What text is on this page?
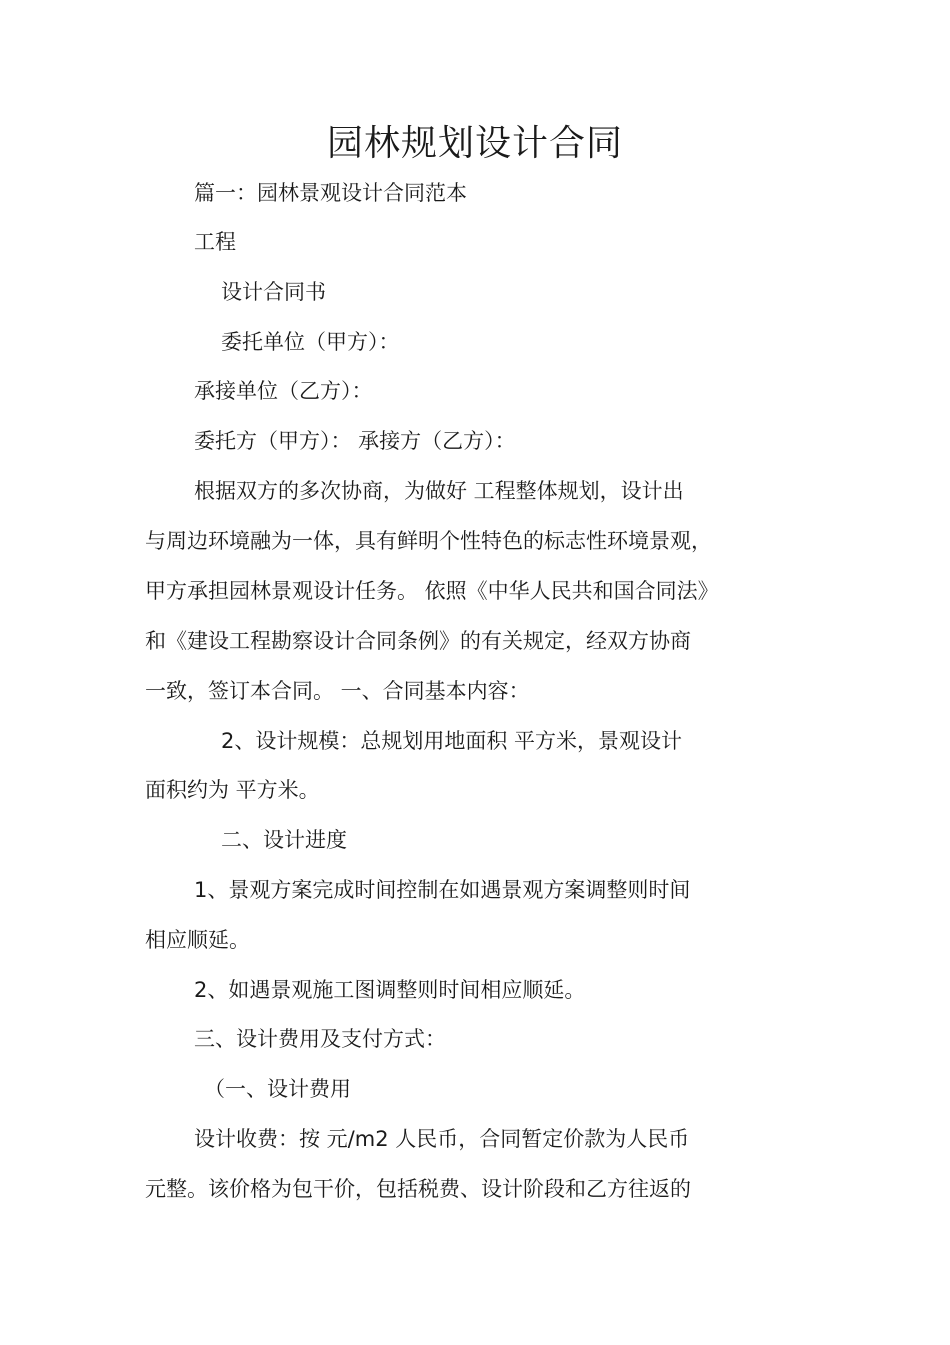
园林规划设计合同
篇一：园林景观设计合同范本
工程
设计合同书
委托单位（甲方）：
承接单位（乙方）：
委托方（甲方）： 承接方（乙方）：
根据双方的多次协商，为做好 工程整体规划，设计出
与周边环境融为一体，具有鲜明个性特色的标志性环境景观，
甲方承担园林景观设计任务。 依照《中华人民共和国合同法》
和《建设工程勘察设计合同条例》的有关规定，经双方协商
一致，签订本合同。 一、合同基本内容：
2、设计规模：总规划用地面积 平方米，景观设计
面积约为 平方米。
二、设计进度
1、景观方案完成时间控制在如遇景观方案调整则时间
相应顺延。
2、如遇景观施工图调整则时间相应顺延。
三、设计费用及支付方式：
（一、设计费用
设计收费：按 元/m2 人民币，合同暂定价款为人民币
元整。该价格为包干价，包括税费、设计阶段和乙方往返的
